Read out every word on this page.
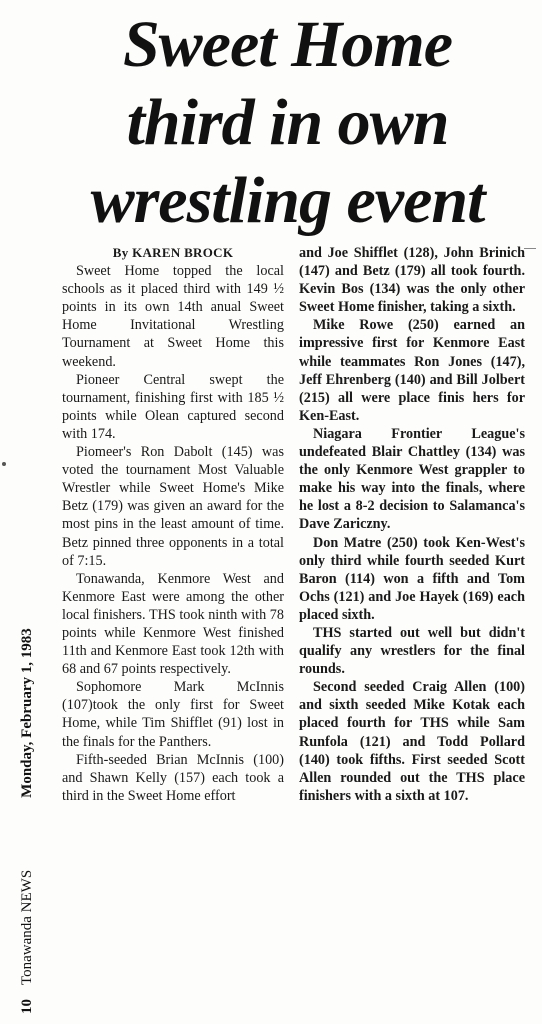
Sweet Home
third in own
wrestling event
10
Tonawanda NEWS
Monday, February 1, 1983
By KAREN BROCK

Sweet Home topped the local schools as it placed third with 149 ½ points in its own 14th anual Sweet Home Invitational Wrestling Tournament at Sweet Home this weekend.

Pioneer Central swept the tournament, finishing first with 185 ½ points while Olean captured second with 174.

Piomeer's Ron Dabolt (145) was voted the tournament Most Valuable Wrestler while Sweet Home's Mike Betz (179) was given an award for the most pins in the least amount of time. Betz pinned three opponents in a total of 7:15.

Tonawanda, Kenmore West and Kenmore East were among the other local finishers. THS took ninth with 78 points while Kenmore West finished 11th and Kenmore East took 12th with 68 and 67 points respectively.

Sophomore Mark McInnis (107)took the only first for Sweet Home, while Tim Shifflet (91) lost in the finals for the Panthers.

Fifth-seeded Brian McInnis (100) and Shawn Kelly (157) each took a third in the Sweet Home effort

and Joe Shifflet (128), John Brinich (147) and Betz (179) all took fourth. Kevin Bos (134) was the only other Sweet Home finisher, taking a sixth.

Mike Rowe (250) earned an impressive first for Kenmore East while teammates Ron Jones (147), Jeff Ehrenberg (140) and Bill Jolbert (215) all were place finis hers for Ken-East.

Niagara Frontier League's undefeated Blair Chattley (134) was the only Kenmore West grappler to make his way into the finals, where he lost a 8-2 decision to Salamanca's Dave Zariczny.

Don Matre (250) took Ken-West's only third while fourth seeded Kurt Baron (114) won a fifth and Tom Ochs (121) and Joe Hayek (169) each placed sixth.

THS started out well but didn't qualify any wrestlers for the final rounds.

Second seeded Craig Allen (100) and sixth seeded Mike Kotak each placed fourth for THS while Sam Runfola (121) and Todd Pollard (140) took fifths. First seeded Scott Allen rounded out the THS place finishers with a sixth at 107.
